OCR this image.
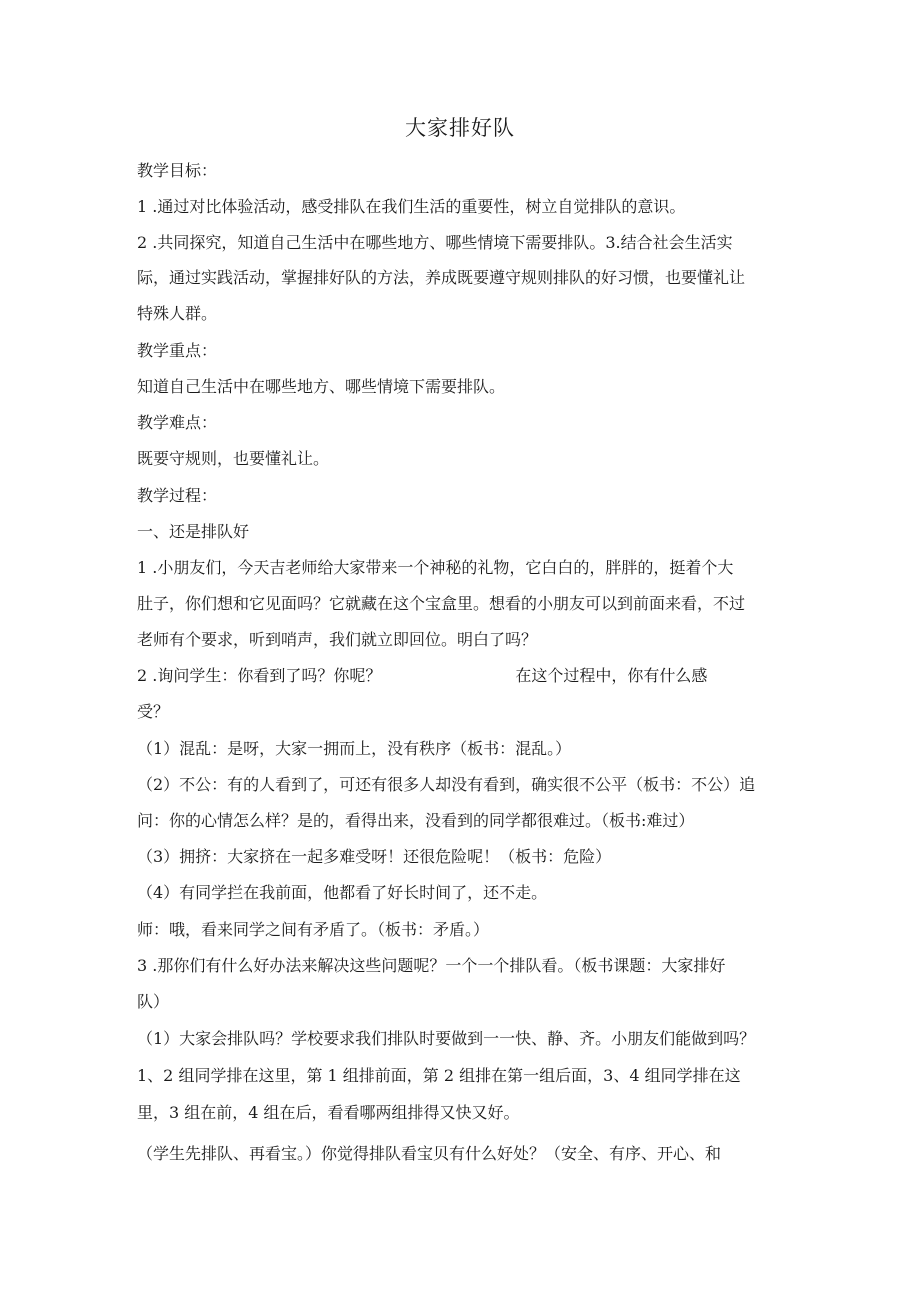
大家排好队
教学目标：
1 .通过对比体验活动，感受排队在我们生活的重要性，树立自觉排队的意识。
2 .共同探究，知道自己生活中在哪些地方、哪些情境下需要排队。3.结合社会生活实
际，通过实践活动，掌握排好队的方法，养成既要遵守规则排队的好习惯，也要懂礼让
特殊人群。
教学重点：
知道自己生活中在哪些地方、哪些情境下需要排队。
教学难点：
既要守规则，也要懂礼让。
教学过程：
一、还是排队好
1 .小朋友们，今天吉老师给大家带来一个神秘的礼物，它白白的，胖胖的，挺着个大
肚子，你们想和它见面吗？它就藏在这个宝盒里。想看的小朋友可以到前面来看，不过
老师有个要求，听到哨声，我们就立即回位。明白了吗？
2 .询问学生：你看到了吗？你呢？	在这个过程中，你有什么感
受？
（1）混乱：是呀，大家一拥而上，没有秩序（板书：混乱。）
（2）不公：有的人看到了，可还有很多人却没有看到，确实很不公平（板书：不公）追
问：你的心情怎么样？是的，看得出来，没看到的同学都很难过。（板书:难过）
（3）拥挤：大家挤在一起多难受呀！还很危险呢！（板书：危险）
（4）有同学拦在我前面，他都看了好长时间了，还不走。
师：哦，看来同学之间有矛盾了。（板书：矛盾。）
3 .那你们有什么好办法来解决这些问题呢？一个一个排队看。（板书课题：大家排好
队）
（1）大家会排队吗？学校要求我们排队时要做到一一快、静、齐。小朋友们能做到吗？
1、2 组同学排在这里，第 1 组排前面，第 2 组排在第一组后面，3、4 组同学排在这
里，3 组在前，4 组在后，看看哪两组排得又快又好。
（学生先排队、再看宝。）你觉得排队看宝贝有什么好处？（安全、有序、开心、和
